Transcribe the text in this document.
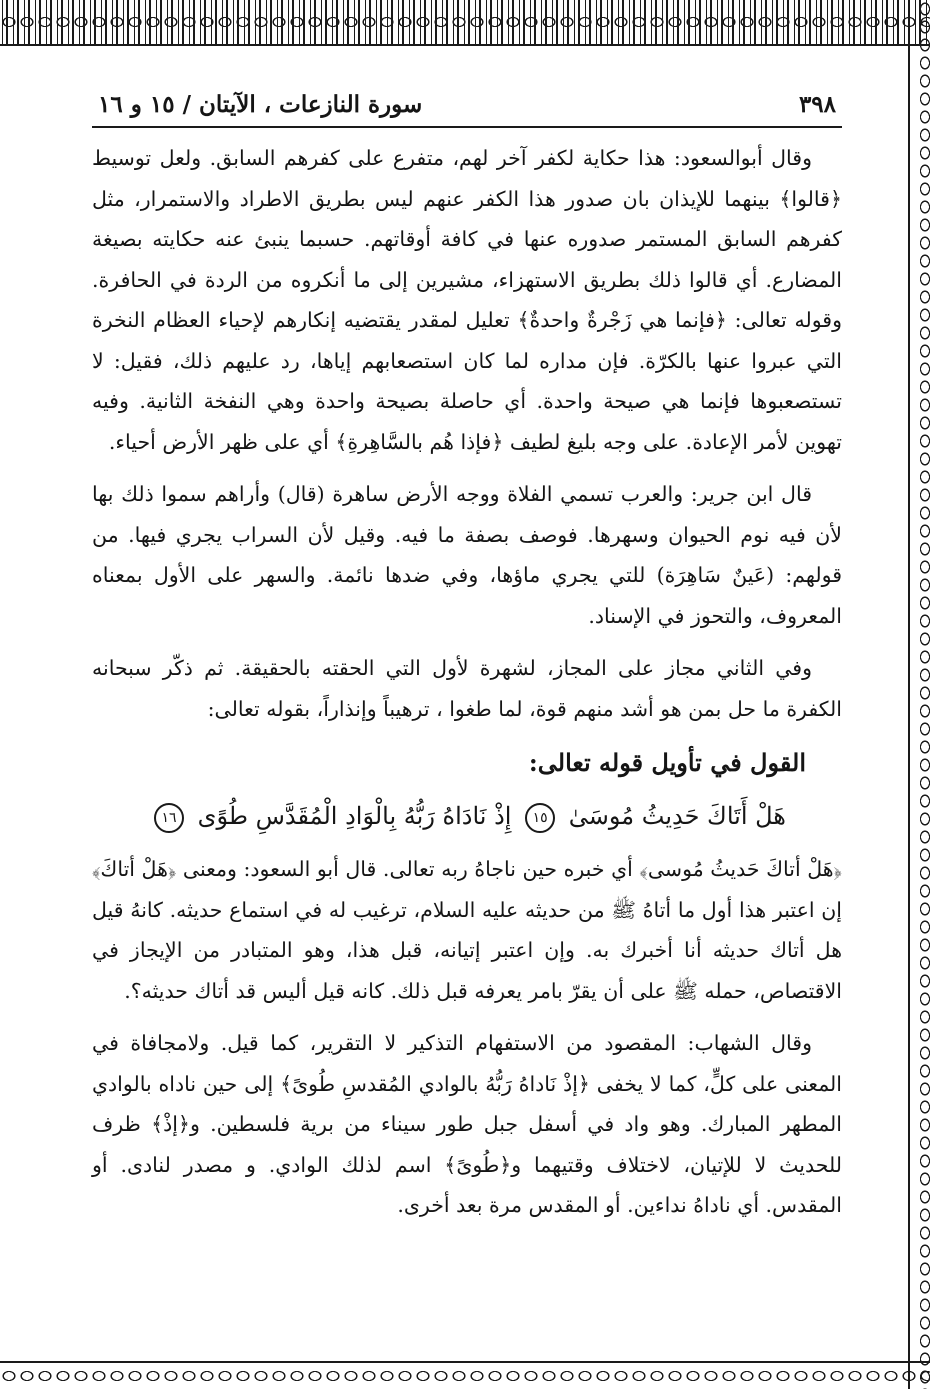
٣٩٨
سورة النازعات ، الآيتان / ١٥ و ١٦

وقال أبوالسعود: هذا حكاية لكفر آخر لهم، متفرع على كفرهم السابق. ولعل توسيط ﴿قالوا﴾ بينهما للإيذان بان صدور هذا الكفر عنهم ليس بطريق الاطراد والاستمرار، مثل كفرهم السابق المستمر صدوره عنها في كافة أوقاتهم. حسبما ينبئ عنه حكايته بصيغة المضارع. أي قالوا ذلك بطريق الاستهزاء، مشيرين إلى ما أنكروه من الردة في الحافرة. وقوله تعالى: ﴿فإنما هي زَجْرةٌ واحدةٌ﴾ تعليل لمقدر يقتضيه إنكارهم لإحياء العظام النخرة التي عبروا عنها بالكرّة. فإن مداره لما كان استصعابهم إياها، رد عليهم ذلك، فقيل: لا تستصعبوها فإنما هي صيحة واحدة. أي حاصلة بصيحة واحدة وهي النفخة الثانية. وفيه تهوين لأمر الإعادة. على وجه بليغ لطيف ﴿فإذا هُم بالسَّاهِرةِ﴾ أي على ظهر الأرض أحياء.

قال ابن جرير: والعرب تسمي الفلاة ووجه الأرض ساهرة (قال) وأراهم سموا ذلك بها لأن فيه نوم الحيوان وسهرها. فوصف بصفة ما فيه. وقيل لأن السراب يجري فيها. من قولهم: (عَينٌ سَاهِرَة) للتي يجري ماؤها، وفي ضدها نائمة. والسهر على الأول بمعناه المعروف، والتحوز في الإسناد.

وفي الثاني مجاز على المجاز، لشهرة لأول التي الحقته بالحقيقة. ثم ذكّر سبحانه الكفرة ما حل بمن هو أشد منهم قوة، لما طغوا ، ترهيباً وإنذاراً، بقوله تعالى:

القول في تأويل قوله تعالى:
هَلْ أَتَاكَ حَدِيثُ مُوسَىٰ ١٥ إِذْ نَادَاهُ رَبُّهُ بِالْوَادِ الْمُقَدَّسِ طُوًى ١٦

﴿هَلْ أتاكَ حَديثُ مُوسى﴾ أي خبره حين ناجاهُ ربه تعالى. قال أبو السعود: ومعنى ﴿هَلْ أتاكَ﴾ إن اعتبر هذا أول ما أتاهُ ﷺ من حديثه عليه السلام، ترغيب له في استماع حديثه. كانهُ قيل هل أتاك حديثه أنا أخبرك به. وإن اعتبر إتيانه، قبل هذا، وهو المتبادر من الإيجاز في الاقتصاص، حمله ﷺ على أن يقرّ بامر يعرفه قبل ذلك. كانه قيل أليس قد أتاك حديثه؟.

وقال الشهاب: المقصود من الاستفهام التذكير لا التقرير، كما قيل. ولامجافاة في المعنى على كلٍّ، كما لا يخفى ﴿إذْ نَاداهُ رَبُّهُ بالوادي المُقدسِ طُوىً﴾ إلى حين ناداه بالوادي المطهر المبارك. وهو واد في أسفل جبل طور سيناء من برية فلسطين. و﴿إذْ﴾ ظرف للحديث لا للإتيان، لاختلاف وقتيهما و﴿طُوىً﴾ اسم لذلك الوادي. و مصدر لنادى. أو المقدس. أي ناداهُ نداءين. أو المقدس مرة بعد أخرى.
